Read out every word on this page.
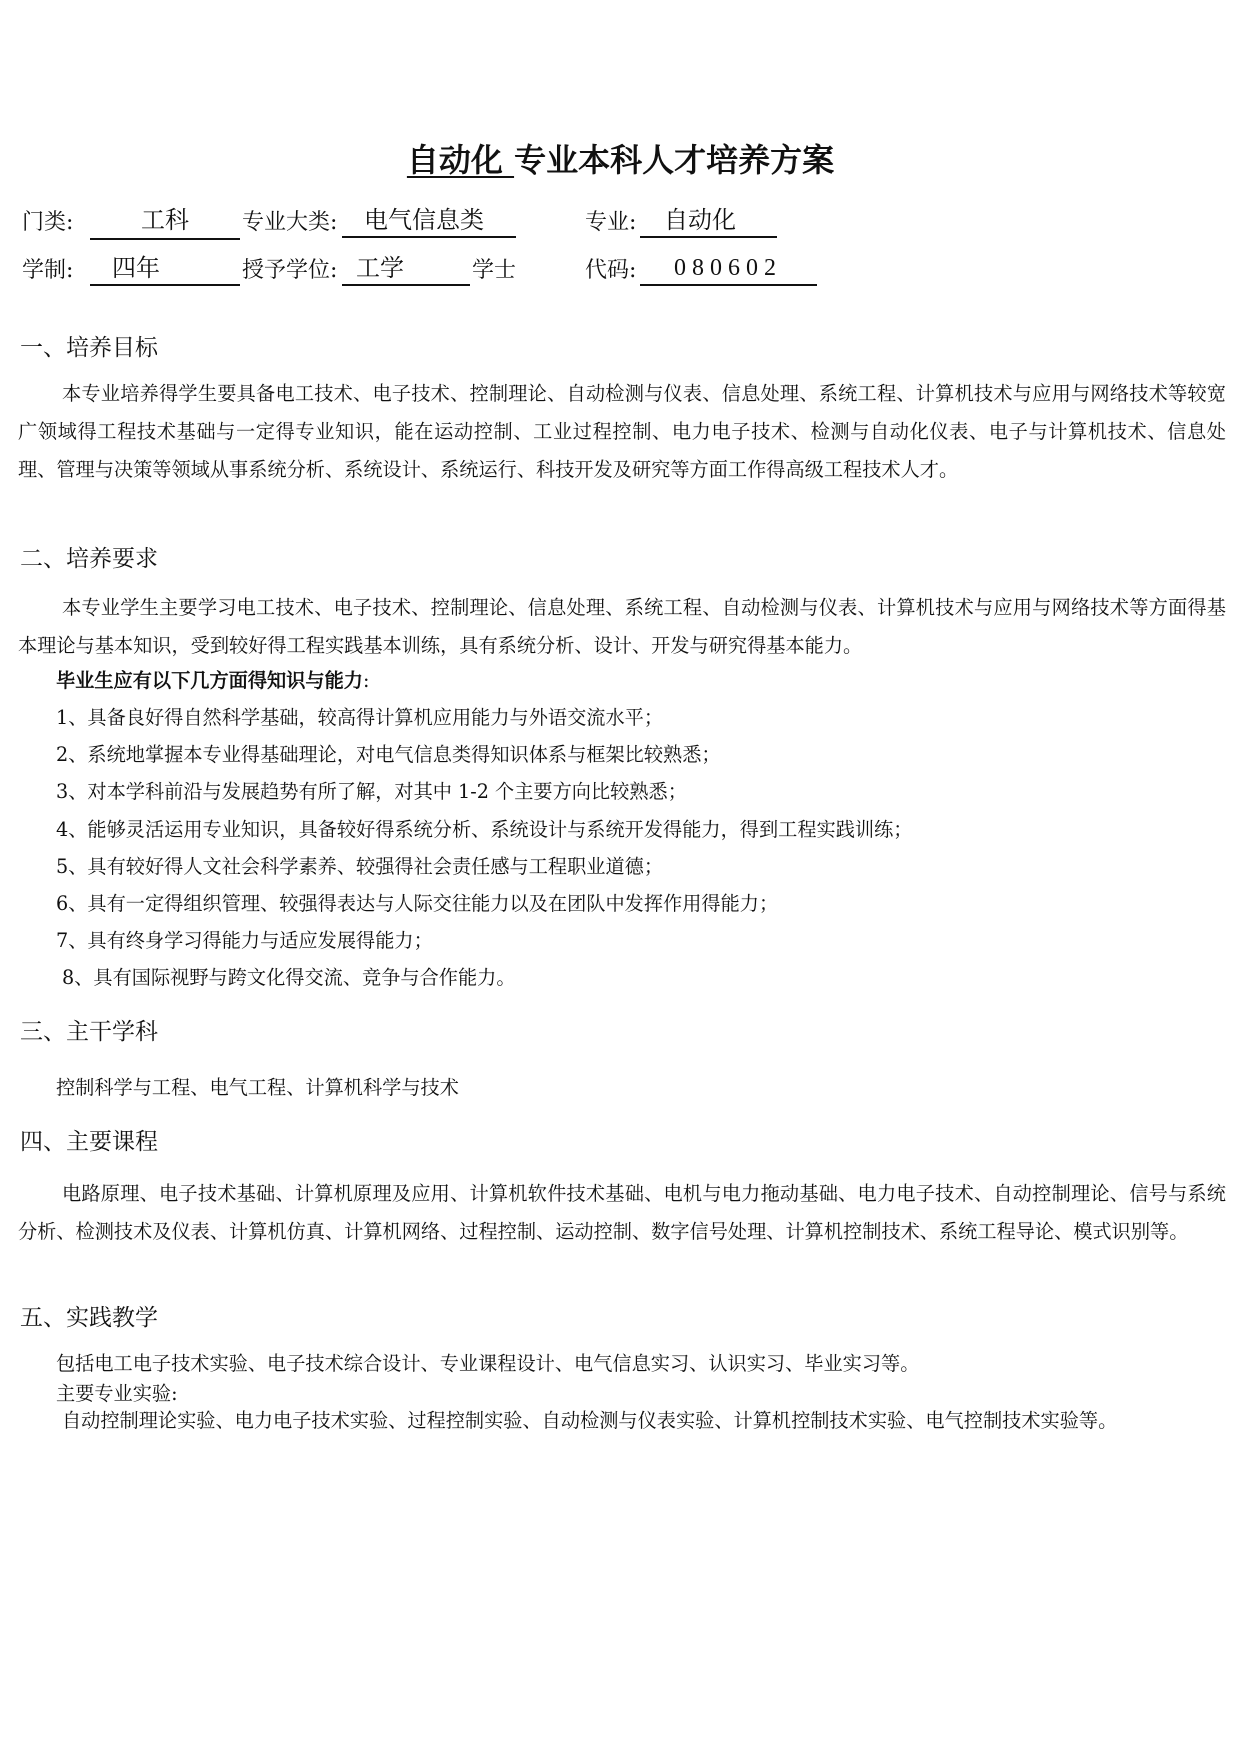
自动化 专业本科人才培养方案
门类:	工科	专业大类:	电气信息类	专业:	自动化
学制:	四年	授予学位: 工学	学士	代码:	080602
一、培养目标
本专业培养得学生要具备电工技术、电子技术、控制理论、自动检测与仪表、信息处理、系统工程、计算机技术与应用与网络技术等较宽广领域得工程技术基础与一定得专业知识，能在运动控制、工业过程控制、电力电子技术、检测与自动化仪表、电子与计算机技术、信息处理、管理与决策等领域从事系统分析、系统设计、系统运行、科技开发及研究等方面工作得高级工程技术人才。
二、培养要求
本专业学生主要学习电工技术、电子技术、控制理论、信息处理、系统工程、自动检测与仪表、计算机技术与应用与网络技术等方面得基本理论与基本知识，受到较好得工程实践基本训练，具有系统分析、设计、开发与研究得基本能力。
毕业生应有以下几方面得知识与能力:
1、具备良好得自然科学基础，较高得计算机应用能力与外语交流水平；
2、系统地掌握本专业得基础理论，对电气信息类得知识体系与框架比较熟悉；
3、对本学科前沿与发展趋势有所了解，对其中 1-2 个主要方向比较熟悉；
4、能够灵活运用专业知识，具备较好得系统分析、系统设计与系统开发得能力，得到工程实践训练；
5、具有较好得人文社会科学素养、较强得社会责任感与工程职业道德；
6、具有一定得组织管理、较强得表达与人际交往能力以及在团队中发挥作用得能力；
7、具有终身学习得能力与适应发展得能力；
8、具有国际视野与跨文化得交流、竞争与合作能力。
三、主干学科
控制科学与工程、电气工程、计算机科学与技术
四、主要课程
电路原理、电子技术基础、计算机原理及应用、计算机软件技术基础、电机与电力拖动基础、电力电子技术、自动控制理论、信号与系统分析、检测技术及仪表、计算机仿真、计算机网络、过程控制、运动控制、数字信号处理、计算机控制技术、系统工程导论、模式识别等。
五、实践教学
包括电工电子技术实验、电子技术综合设计、专业课程设计、电气信息实习、认识实习、毕业实习等。
主要专业实验:
自动控制理论实验、电力电子技术实验、过程控制实验、自动检测与仪表实验、计算机控制技术实验、电气控制技术实验等。
